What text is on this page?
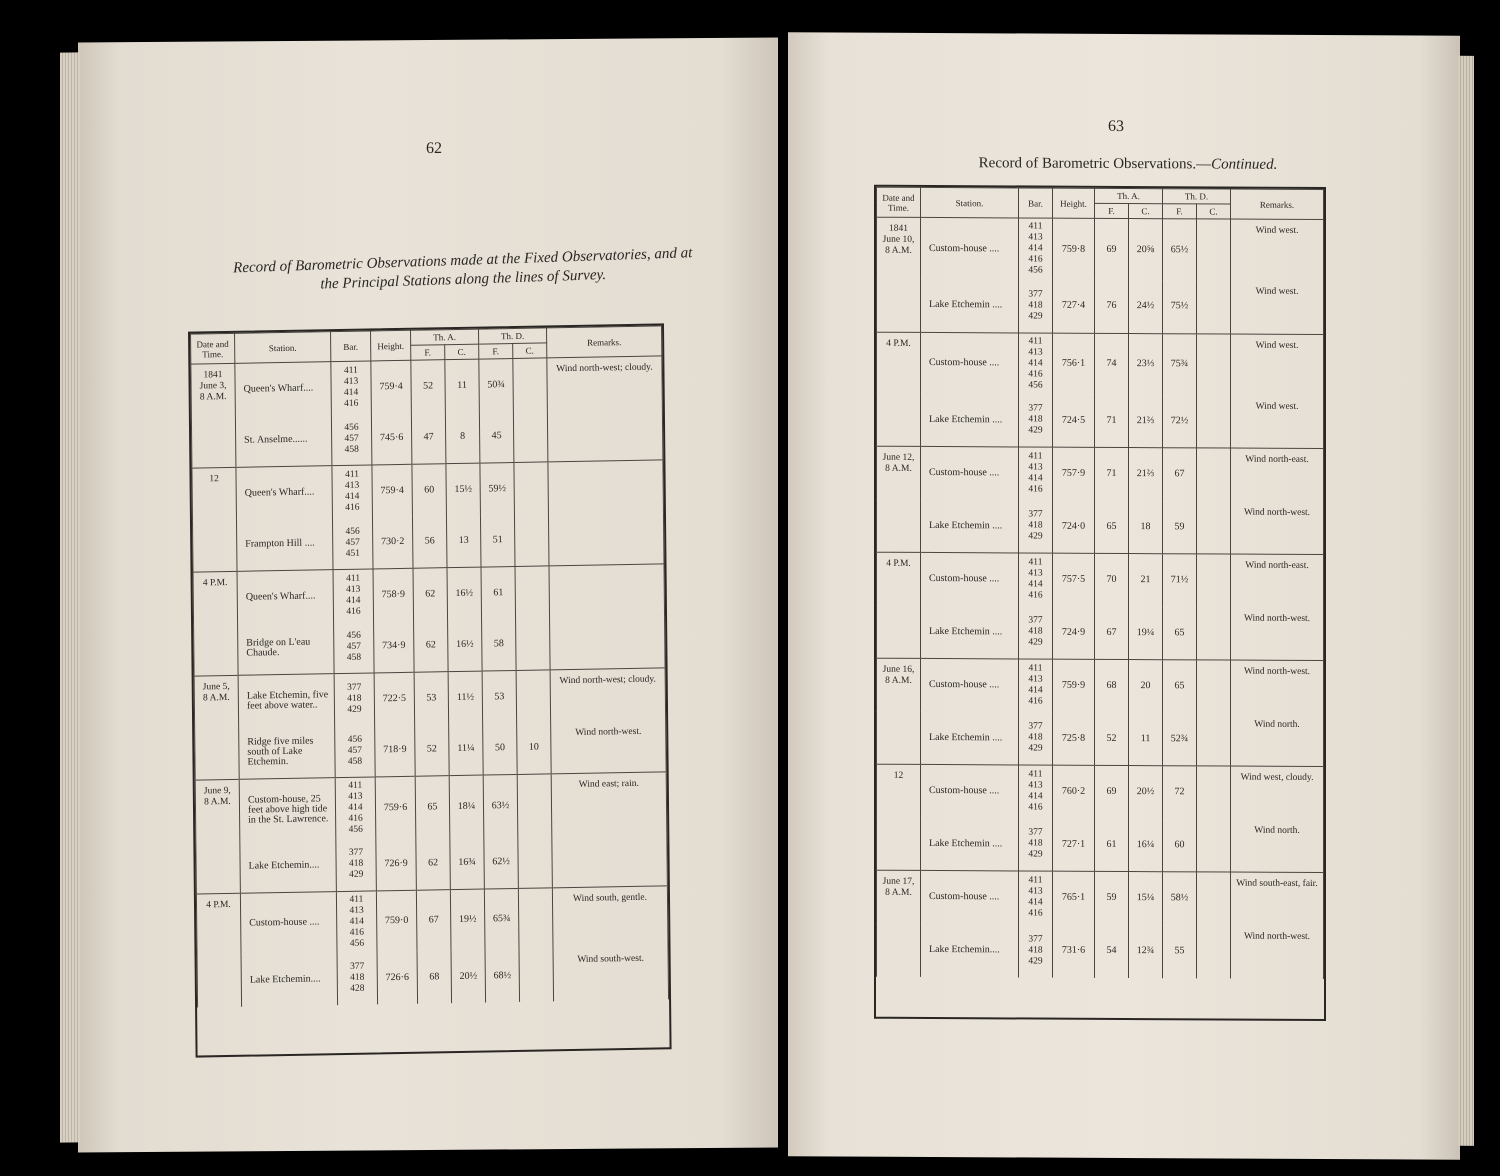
62
Record of Barometric Observations made at the Fixed Observatories, and at the Principal Stations along the lines of Survey.
Date and Time.	Station.	Bar.	Height.	Th. A.		Th. D.		Remarks.
				F.	C.	F.	C.	
1841
June 3,
8 A.M.	Queen's Wharf....	411
413
414
416	759·4	52	11	50¾		Wind north-west; cloudy.
	St. Anselme......	456
457
458	745·6	47	8	45		
12	Queen's Wharf....	411
413
414
416	759·4	60	15½	59½		
	Frampton Hill ....	456
457
451	730·2	56	13	51		
4 P.M.	Queen's Wharf....	411
413
414
416	758·9	62	16½	61		
	Bridge on L'eau Chaude.	456
457
458	734·9	62	16½	58		
June 5,
8 A.M.	Lake Etchemin, five feet above water..	377
418
429	722·5	53	11½	53		Wind north-west; cloudy.
	Ridge five miles south of Lake Etchemin.	456
457
458	718·9	52	11¼	50	10	Wind north-west.
June 9,
8 A.M.	Custom-house, 25 feet above high tide in the St. Lawrence.	411
413
414
416
456	759·6	65	18¼	63½		Wind east; rain.
	Lake Etchemin....	377
418
429	726·9	62	16¾	62½		
4 P.M.	Custom-house ....	411
413
414
416
456	759·0	67	19½	65¾		Wind south, gentle.
	Lake Etchemin....	377
418
428	726·6	68	20½	68½		Wind south-west.
63
Record of Barometric Observations.—Continued.
Date and Time.	Station.	Bar.	Height.	Th. A.		Th. D.		Remarks.
				F.	C.	F.	C.	
1841
June 10,
8 A.M.	Custom-house ....	411
413
414
416
456	759·8	69	20⅝	65½		Wind west.
	Lake Etchemin ....	377
418
429	727·4	76	24½	75½		Wind west.
4 P.M.	Custom-house ....	411
413
414
416
456	756·1	74	23⅓	75¾		Wind west.
	Lake Etchemin ....	377
418
429	724·5	71	21⅔	72½		Wind west.
June 12,
8 A.M.	Custom-house ....	411
413
414
416	757·9	71	21⅔	67		Wind north-east.
	Lake Etchemin ....	377
418
429	724·0	65	18	59		Wind north-west.
4 P.M.	Custom-house ....	411
413
414
416	757·5	70	21	71½		Wind north-east.
	Lake Etchemin ....	377
418
429	724·9	67	19¼	65		Wind north-west.
June 16,
8 A.M.	Custom-house ....	411
413
414
416	759·9	68	20	65		Wind north-west.
	Lake Etchemin ....	377
418
429	725·8	52	11	52¾		Wind north.
12	Custom-house ....	411
413
414
416	760·2	69	20½	72		Wind west, cloudy.
	Lake Etchemin ....	377
418
429	727·1	61	16¼	60		Wind north.
June 17,
8 A.M.	Custom-house ....	411
413
414
416	765·1	59	15¼	58½		Wind south-east, fair.
	Lake Etchemin....	377
418
429	731·6	54	12¾	55		Wind north-west.
